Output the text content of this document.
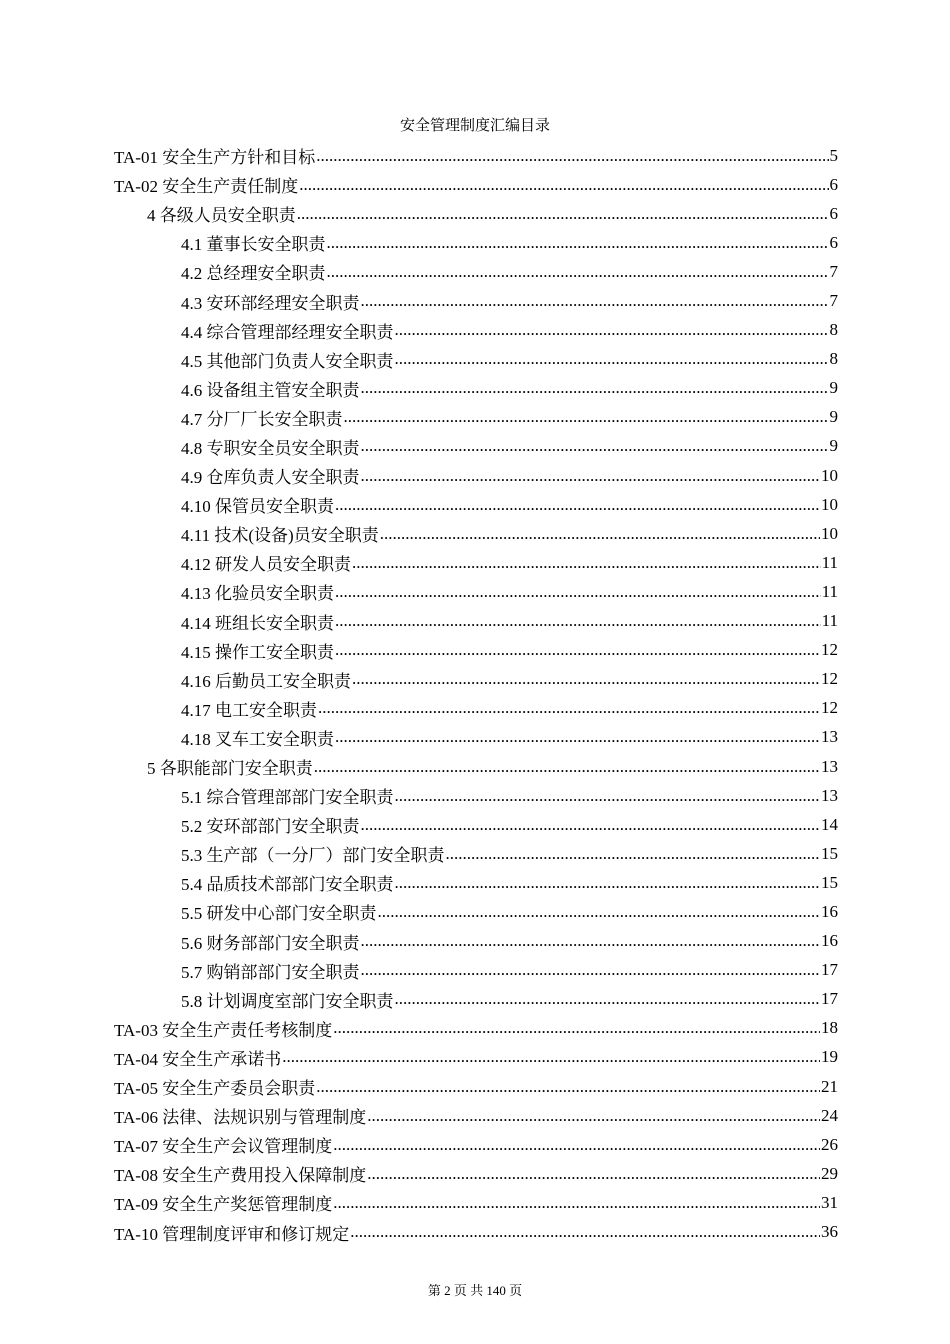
安全管理制度汇编目录
TA-01 安全生产方针和目标 .....	5
TA-02 安全生产责任制度 .....	6
4 各级人员安全职责 .....	6
4.1 董事长安全职责 .....	6
4.2 总经理安全职责 .....	7
4.3 安环部经理安全职责 .....	7
4.4 综合管理部经理安全职责 .....	8
4.5 其他部门负责人安全职责 .....	8
4.6 设备组主管安全职责 .....	9
4.7 分厂厂长安全职责 .....	9
4.8 专职安全员安全职责 .....	9
4.9 仓库负责人安全职责 .....	10
4.10 保管员安全职责 .....	10
4.11 技术(设备)员安全职责 .....	10
4.12 研发人员安全职责 .....	11
4.13 化验员安全职责 .....	11
4.14 班组长安全职责 .....	11
4.15 操作工安全职责 .....	12
4.16 后勤员工安全职责 .....	12
4.17 电工安全职责 .....	12
4.18 叉车工安全职责 .....	13
5 各职能部门安全职责 .....	13
5.1 综合管理部部门安全职责 .....	13
5.2 安环部部门安全职责 .....	14
5.3 生产部（一分厂）部门安全职责 .....	15
5.4 品质技术部部门安全职责 .....	15
5.5 研发中心部门安全职责 .....	16
5.6 财务部部门安全职责 .....	16
5.7 购销部部门安全职责 .....	17
5.8 计划调度室部门安全职责 .....	17
TA-03 安全生产责任考核制度 .....	18
TA-04 安全生产承诺书 .....	19
TA-05 安全生产委员会职责 .....	21
TA-06 法律、法规识别与管理制度 .....	24
TA-07 安全生产会议管理制度 .....	26
TA-08 安全生产费用投入保障制度 .....	29
TA-09 安全生产奖惩管理制度 .....	31
TA-10 管理制度评审和修订规定 .....	36
第 2 页 共 140 页
